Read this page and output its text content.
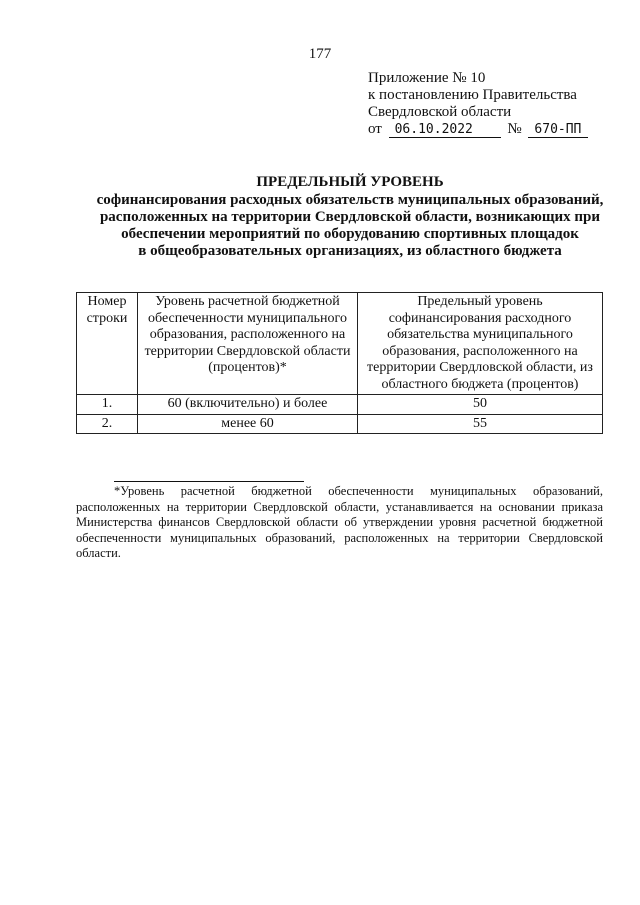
177
Приложение № 10
к постановлению Правительства
Свердловской области
от 06.10.2022 № 670-ПП
ПРЕДЕЛЬНЫЙ УРОВЕНЬ
софинансирования расходных обязательств муниципальных образований,
расположенных на территории Свердловской области, возникающих при
обеспечении мероприятий по оборудованию спортивных площадок
в общеобразовательных организациях, из областного бюджета
Номер строки	Уровень расчетной бюджетной обеспеченности муниципального образования, расположенного на территории Свердловской области (процентов)*	Предельный уровень софинансирования расходного обязательства муниципального образования, расположенного на территории Свердловской области, из областного бюджета (процентов)
1.	60 (включительно) и более	50
2.	менее 60	55
*Уровень расчетной бюджетной обеспеченности муниципальных образований, расположенных на территории Свердловской области, устанавливается на основании приказа Министерства финансов Свердловской области об утверждении уровня расчетной бюджетной обеспеченности муниципальных образований, расположенных на территории Свердловской области.
